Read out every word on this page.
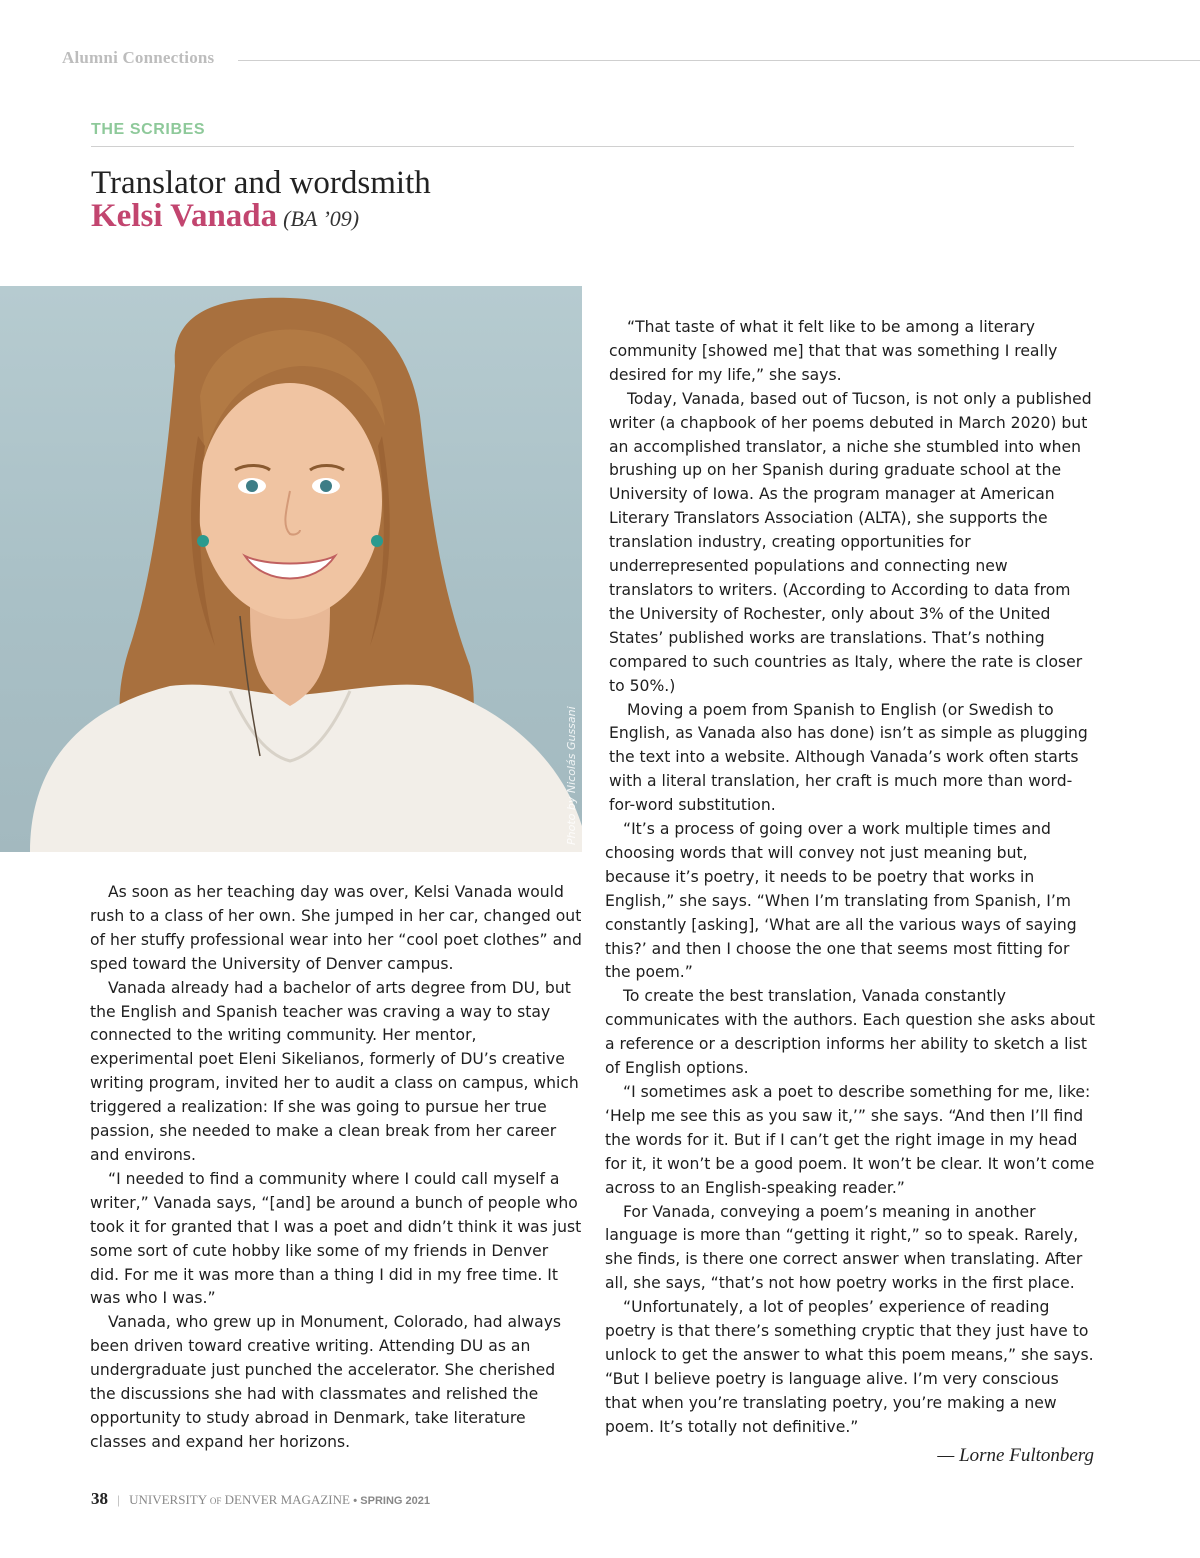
Alumni Connections
THE SCRIBES
Translator and wordsmith
Kelsi Vanada (BA ’09)
Photo by Nicolás Gussani

As soon as her teaching day was over, Kelsi Vanada would rush to a class of her own. She jumped in her car, changed out of her stuffy professional wear into her “cool poet clothes” and sped toward the University of Denver campus.

Vanada already had a bachelor of arts degree from DU, but the English and Spanish teacher was craving a way to stay connected to the writing community. Her mentor, experimental poet Eleni Sikelianos, formerly of DU’s creative writing program, invited her to audit a class on campus, which triggered a realization: If she was going to pursue her true passion, she needed to make a clean break from her career and environs.

“I needed to find a community where I could call myself a writer,” Vanada says, “[and] be around a bunch of people who took it for granted that I was a poet and didn’t think it was just some sort of cute hobby like some of my friends in Denver did. For me it was more than a thing I did in my free time. It was who I was.”

Vanada, who grew up in Monument, Colorado, had always been driven toward creative writing. Attending DU as an undergraduate just punched the accelerator. She cherished the discussions she had with classmates and relished the opportunity to study abroad in Denmark, take literature classes and expand her horizons.

“That taste of what it felt like to be among a literary community [showed me] that that was something I really desired for my life,” she says.

Today, Vanada, based out of Tucson, is not only a published writer (a chapbook of her poems debuted in March 2020) but an accomplished translator, a niche she stumbled into when brushing up on her Spanish during graduate school at the University of Iowa. As the program manager at American Literary Translators Association (ALTA), she supports the translation industry, creating opportunities for underrepresented populations and connecting new translators to writers. (According to According to data from the University of Rochester, only about 3% of the United States’ published works are translations. That’s nothing compared to such countries as Italy, where the rate is closer to 50%.)

Moving a poem from Spanish to English (or Swedish to English, as Vanada also has done) isn’t as simple as plugging the text into a website. Although Vanada’s work often starts with a literal translation, her craft is much more than word-for-word substitution.

“It’s a process of going over a work multiple times and choosing words that will convey not just meaning but, because it’s poetry, it needs to be poetry that works in English,” she says. “When I’m translating from Spanish, I’m constantly [asking], ‘What are all the various ways of saying this?’ and then I choose the one that seems most fitting for the poem.”

To create the best translation, Vanada constantly communicates with the authors. Each question she asks about a reference or a description informs her ability to sketch a list of English options.

“I sometimes ask a poet to describe something for me, like: ‘Help me see this as you saw it,’” she says. “And then I’ll find the words for it. But if I can’t get the right image in my head for it, it won’t be a good poem. It won’t be clear. It won’t come across to an English-speaking reader.”

For Vanada, conveying a poem’s meaning in another language is more than “getting it right,” so to speak. Rarely, she finds, is there one correct answer when translating. After all, she says, “that’s not how poetry works in the first place.

“Unfortunately, a lot of peoples’ experience of reading poetry is that there’s something cryptic that they just have to unlock to get the answer to what this poem means,” she says. “But I believe poetry is language alive. I’m very conscious that when you’re translating poetry, you’re making a new poem. It’s totally not definitive.”

— Lorne Fultonberg
38 | UNIVERSITY OF DENVER MAGAZINE • SPRING 2021
